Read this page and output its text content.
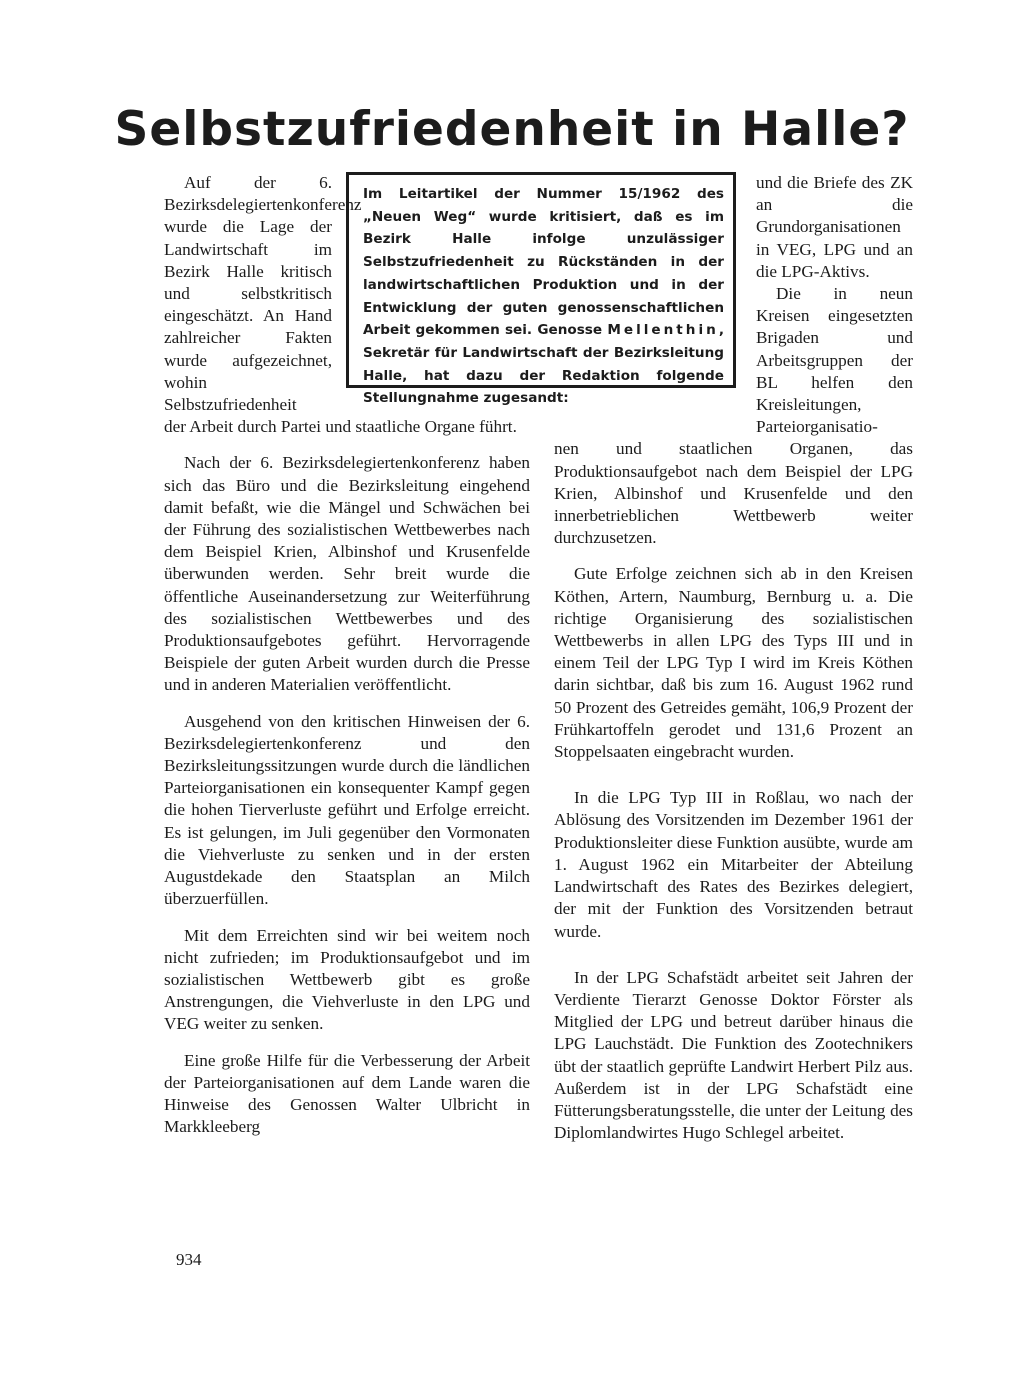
Selbstzufriedenheit in Halle?

Im Leitartikel der Nummer 15/1962 des „Neuen Weg“ wurde kritisiert, daß es im Bezirk Halle infolge unzulässiger Selbstzufriedenheit zu Rückständen in der landwirtschaftlichen Produktion und in der Entwicklung der guten genossenschaftlichen Arbeit gekommen sei. Genosse Mellenthin, Sekretär für Landwirtschaft der Bezirksleitung Halle, hat dazu der Redaktion folgende Stellungnahme zugesandt:

Auf der 6. Bezirksdelegiertenkonferenz wurde die Lage der Landwirtschaft im Bezirk Halle kritisch und selbstkritisch eingeschätzt. An Hand zahlreicher Fakten wurde aufgezeichnet, wohin Selbstzufriedenheit

der Arbeit durch Partei und staatliche Organe führt.

Nach der 6. Bezirksdelegiertenkonferenz haben sich das Büro und die Bezirksleitung eingehend damit befaßt, wie die Mängel und Schwächen bei der Führung des sozialistischen Wettbewerbes nach dem Beispiel Krien, Albinshof und Krusenfelde überwunden werden. Sehr breit wurde die öffentliche Auseinandersetzung zur Weiterführung des sozialistischen Wettbewerbes und des Produktionsaufgebotes geführt. Hervorragende Beispiele der guten Arbeit wurden durch die Presse und in anderen Materialien veröffentlicht.

Ausgehend von den kritischen Hinweisen der 6. Bezirksdelegiertenkonferenz und den Bezirksleitungssitzungen wurde durch die ländlichen Parteiorganisationen ein konsequenter Kampf gegen die hohen Tierverluste geführt und Erfolge erreicht. Es ist gelungen, im Juli gegenüber den Vormonaten die Viehverluste zu senken und in der ersten Augustdekade den Staatsplan an Milch überzuerfüllen.

Mit dem Erreichten sind wir bei weitem noch nicht zufrieden; im Produktionsaufgebot und im sozialistischen Wettbewerb gibt es große Anstrengungen, die Viehverluste in den LPG und VEG weiter zu senken.

Eine große Hilfe für die Verbesserung der Arbeit der Parteiorganisationen auf dem Lande waren die Hinweise des Genossen Walter Ulbricht in Markkleeberg

und die Briefe des ZK an die Grundorganisationen in VEG, LPG und an die LPG-Aktivs.

Die in neun Kreisen eingesetzten Brigaden und Arbeitsgruppen der BL helfen den Kreisleitungen, Parteiorganisatio-

nen und staatlichen Organen, das Produktionsaufgebot nach dem Beispiel der LPG Krien, Albinshof und Krusenfelde und den innerbetrieblichen Wettbewerb weiter durchzusetzen.

Gute Erfolge zeichnen sich ab in den Kreisen Köthen, Artern, Naumburg, Bernburg u. a. Die richtige Organisierung des sozialistischen Wettbewerbs in allen LPG des Typs III und in einem Teil der LPG Typ I wird im Kreis Köthen darin sichtbar, daß bis zum 16. August 1962 rund 50 Prozent des Getreides gemäht, 106,9 Prozent der Frühkartoffeln gerodet und 131,6 Prozent an Stoppelsaaten eingebracht wurden.

In die LPG Typ III in Roßlau, wo nach der Ablösung des Vorsitzenden im Dezember 1961 der Produktionsleiter diese Funktion ausübte, wurde am 1. August 1962 ein Mitarbeiter der Abteilung Landwirtschaft des Rates des Bezirkes delegiert, der mit der Funktion des Vorsitzenden betraut wurde.

In der LPG Schafstädt arbeitet seit Jahren der Verdiente Tierarzt Genosse Doktor Förster als Mitglied der LPG und betreut darüber hinaus die LPG Lauchstädt. Die Funktion des Zootechnikers übt der staatlich geprüfte Landwirt Herbert Pilz aus. Außerdem ist in der LPG Schafstädt eine Fütterungsberatungsstelle, die unter der Leitung des Diplomlandwirtes Hugo Schlegel arbeitet.

934
